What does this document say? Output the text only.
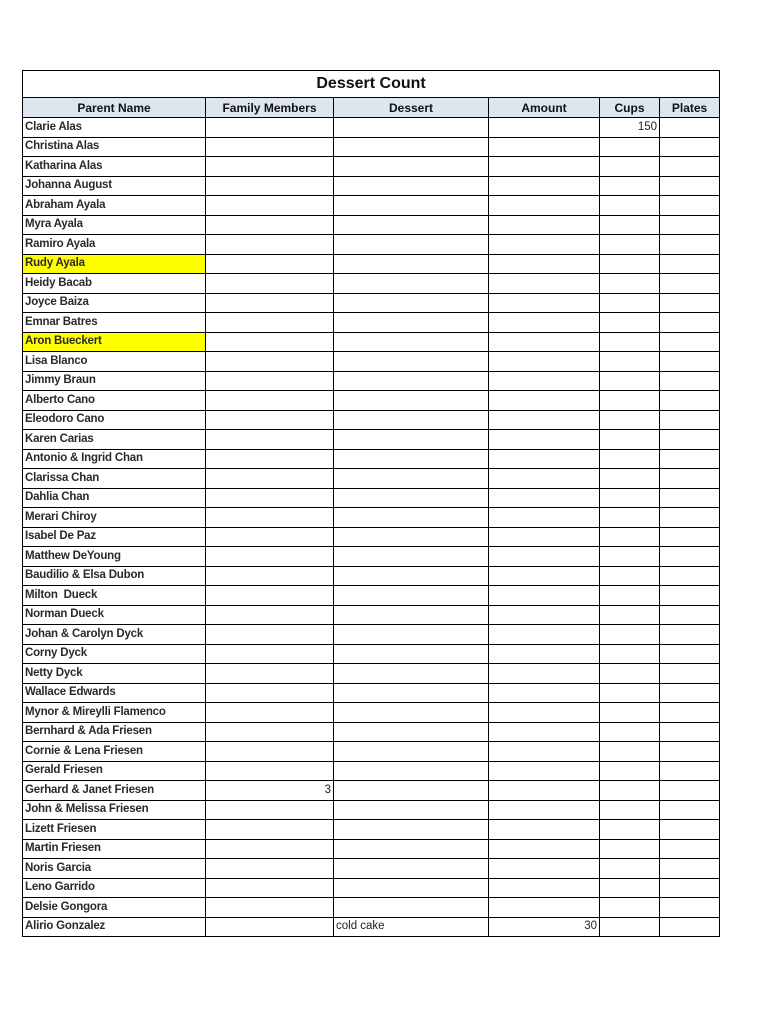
Dessert Count					
Parent Name	Family Members	Dessert	Amount	Cups	Plates
Clarie Alas				150	
Christina Alas					
Katharina Alas					
Johanna August					
Abraham Ayala					
Myra Ayala					
Ramiro Ayala					
Rudy Ayala					
Heidy Bacab					
Joyce Baiza					
Emnar Batres					
Aron Bueckert					
Lisa Blanco					
Jimmy Braun					
Alberto Cano					
Eleodoro Cano					
Karen Carias					
Antonio & Ingrid Chan					
Clarissa Chan					
Dahlia Chan					
Merari Chiroy					
Isabel De Paz					
Matthew DeYoung					
Baudilio & Elsa Dubon					
Milton  Dueck					
Norman Dueck					
Johan & Carolyn Dyck					
Corny Dyck					
Netty Dyck					
Wallace Edwards					
Mynor & Mireylli Flamenco					
Bernhard & Ada Friesen					
Cornie & Lena Friesen					
Gerald Friesen					
Gerhard & Janet Friesen	3				
John & Melissa Friesen					
Lizett Friesen					
Martin Friesen					
Noris Garcia					
Leno Garrido					
Delsie Gongora					
Alirio Gonzalez		cold cake	30		
